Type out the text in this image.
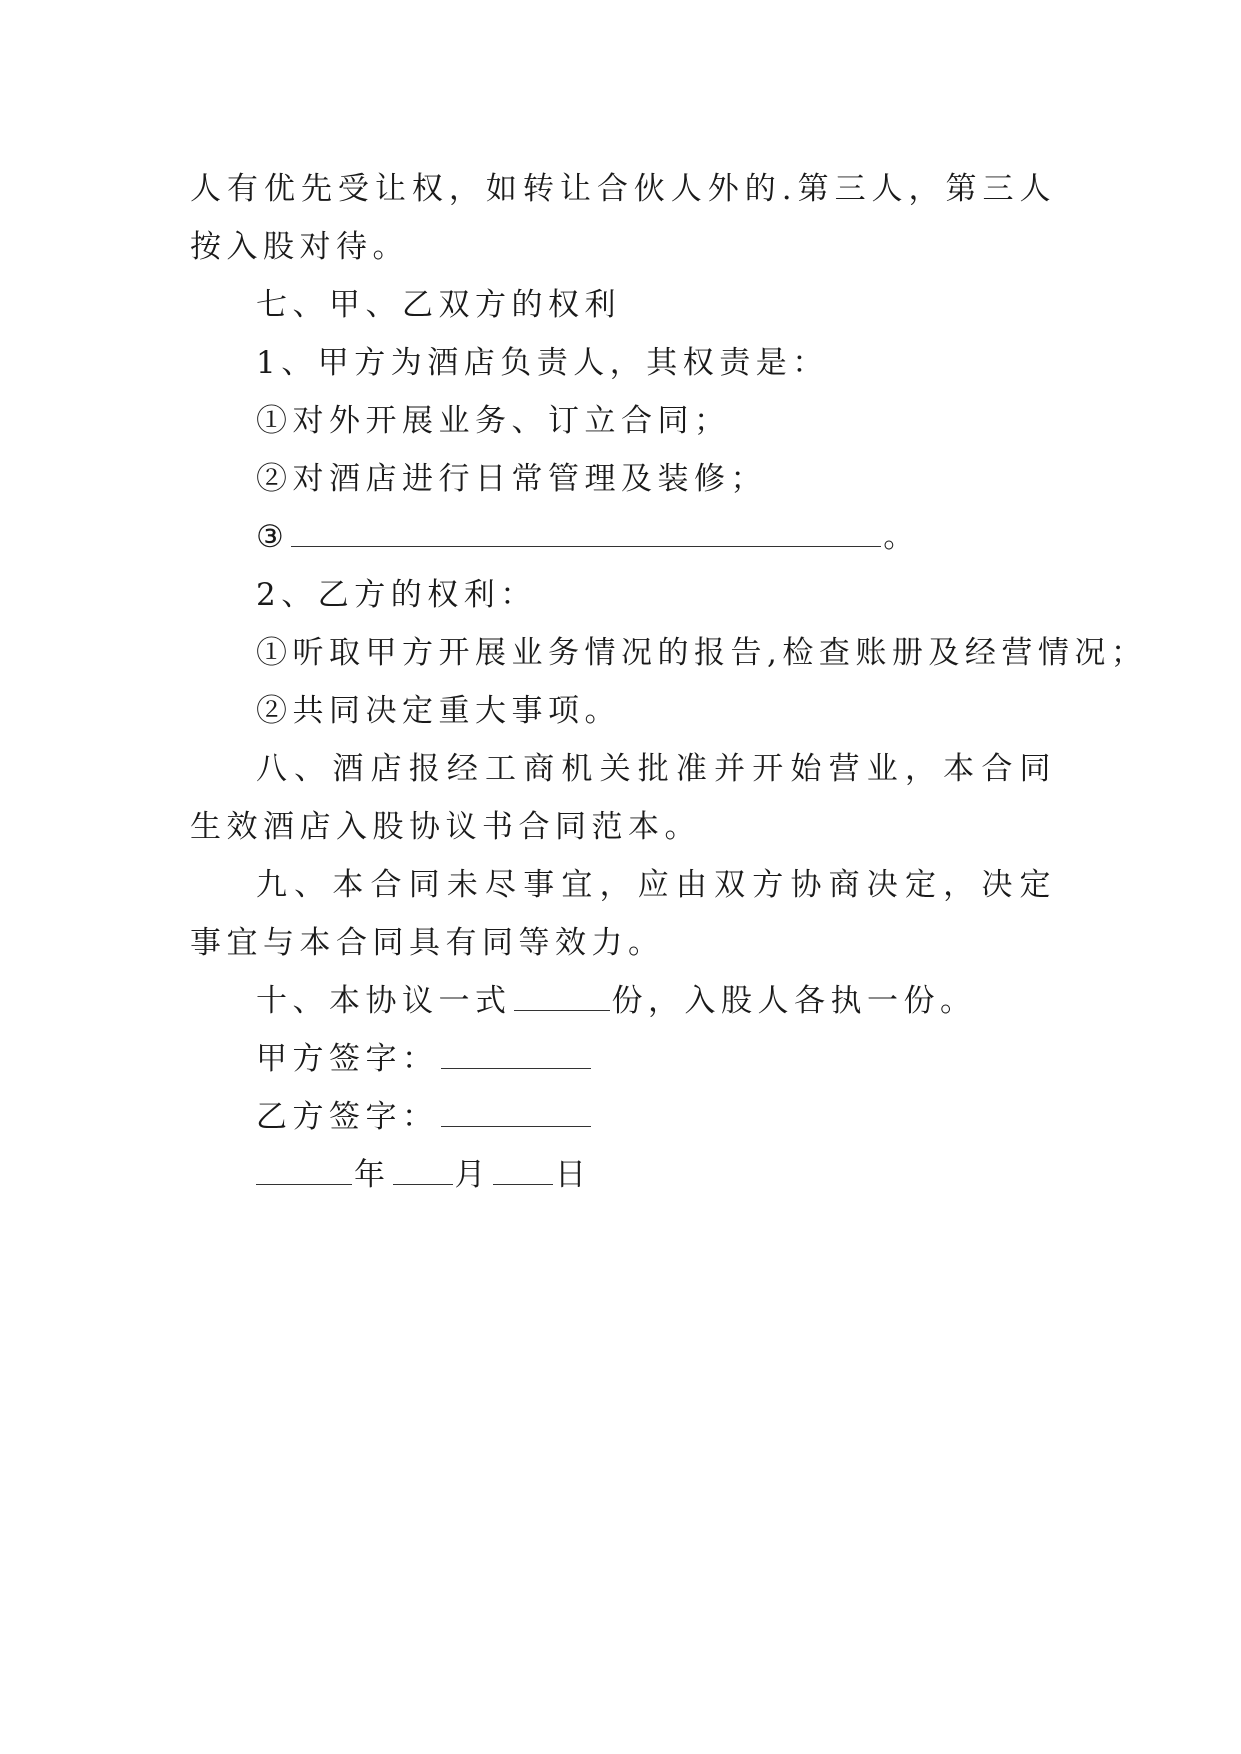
人有优先受让权，如转让合伙人外的.第三人，第三人按入股对待。

七、甲、乙双方的权利

1、甲方为酒店负责人，其权责是：

①对外开展业务、订立合同；

②对酒店进行日常管理及装修；

③	。

2、乙方的权利：

①听取甲方开展业务情况的报告,检查账册及经营情况；

②共同决定重大事项。

八、酒店报经工商机关批准并开始营业，本合同生效酒店入股协议书合同范本。

九、本合同未尽事宜，应由双方协商决定，决定事宜与本合同具有同等效力。

十、本协议一式	份，入股人各执一份。

甲方签字：

乙方签字：

年 月 日
